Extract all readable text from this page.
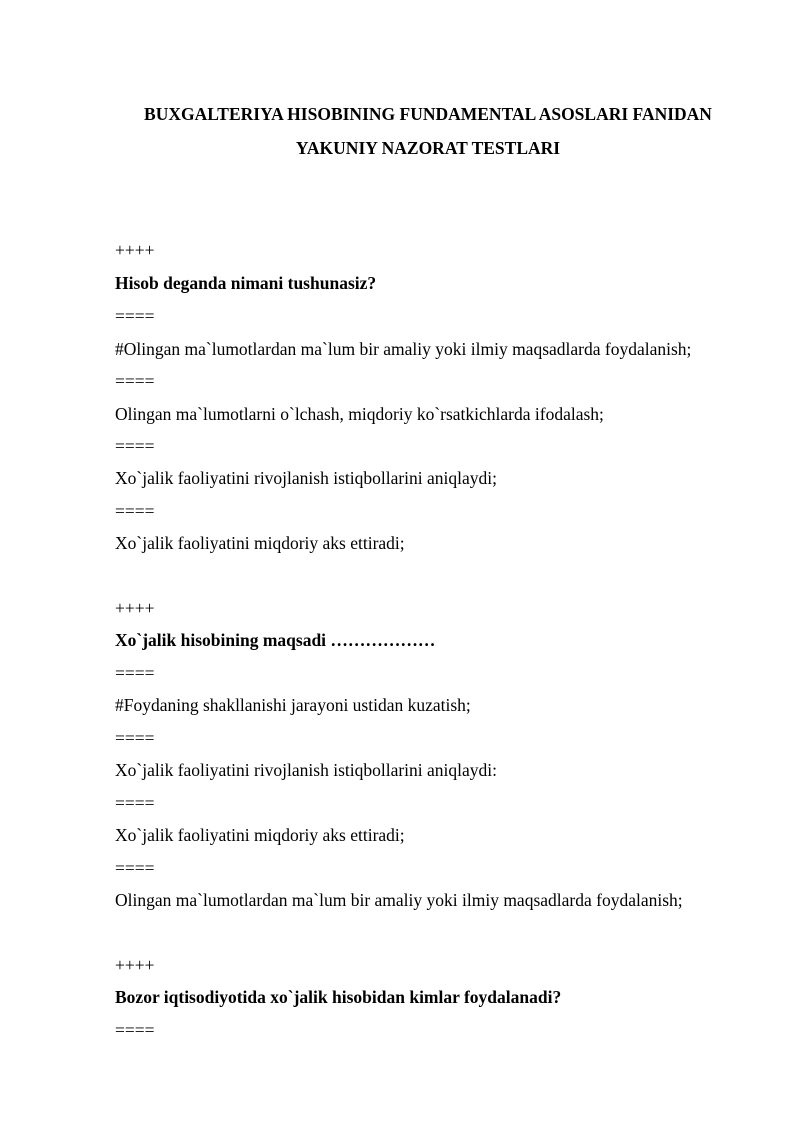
BUXGALTERIYA HISOBINING FUNDAMENTAL ASOSLARI FANIDAN
YAKUNIY NAZORAT TESTLARI
++++
Hisob deganda nimani tushunasiz?
====
#Olingan ma`lumotlardan ma`lum bir amaliy yoki ilmiy maqsadlarda foydalanish;
====
Olingan ma`lumotlarni o`lchash, miqdoriy ko`rsatkichlarda ifodalash;
====
Xo`jalik faoliyatini rivojlanish istiqbollarini aniqlaydi;
====
Xo`jalik faoliyatini miqdoriy aks ettiradi;
++++
Xo`jalik hisobining maqsadi ………………
====
#Foydaning shakllanishi jarayoni ustidan kuzatish;
====
Xo`jalik faoliyatini rivojlanish istiqbollarini aniqlaydi:
====
Xo`jalik faoliyatini miqdoriy aks ettiradi;
====
Olingan ma`lumotlardan ma`lum bir amaliy yoki ilmiy maqsadlarda foydalanish;
++++
Bozor iqtisodiyotida xo`jalik hisobidan kimlar foydalanadi?
====
